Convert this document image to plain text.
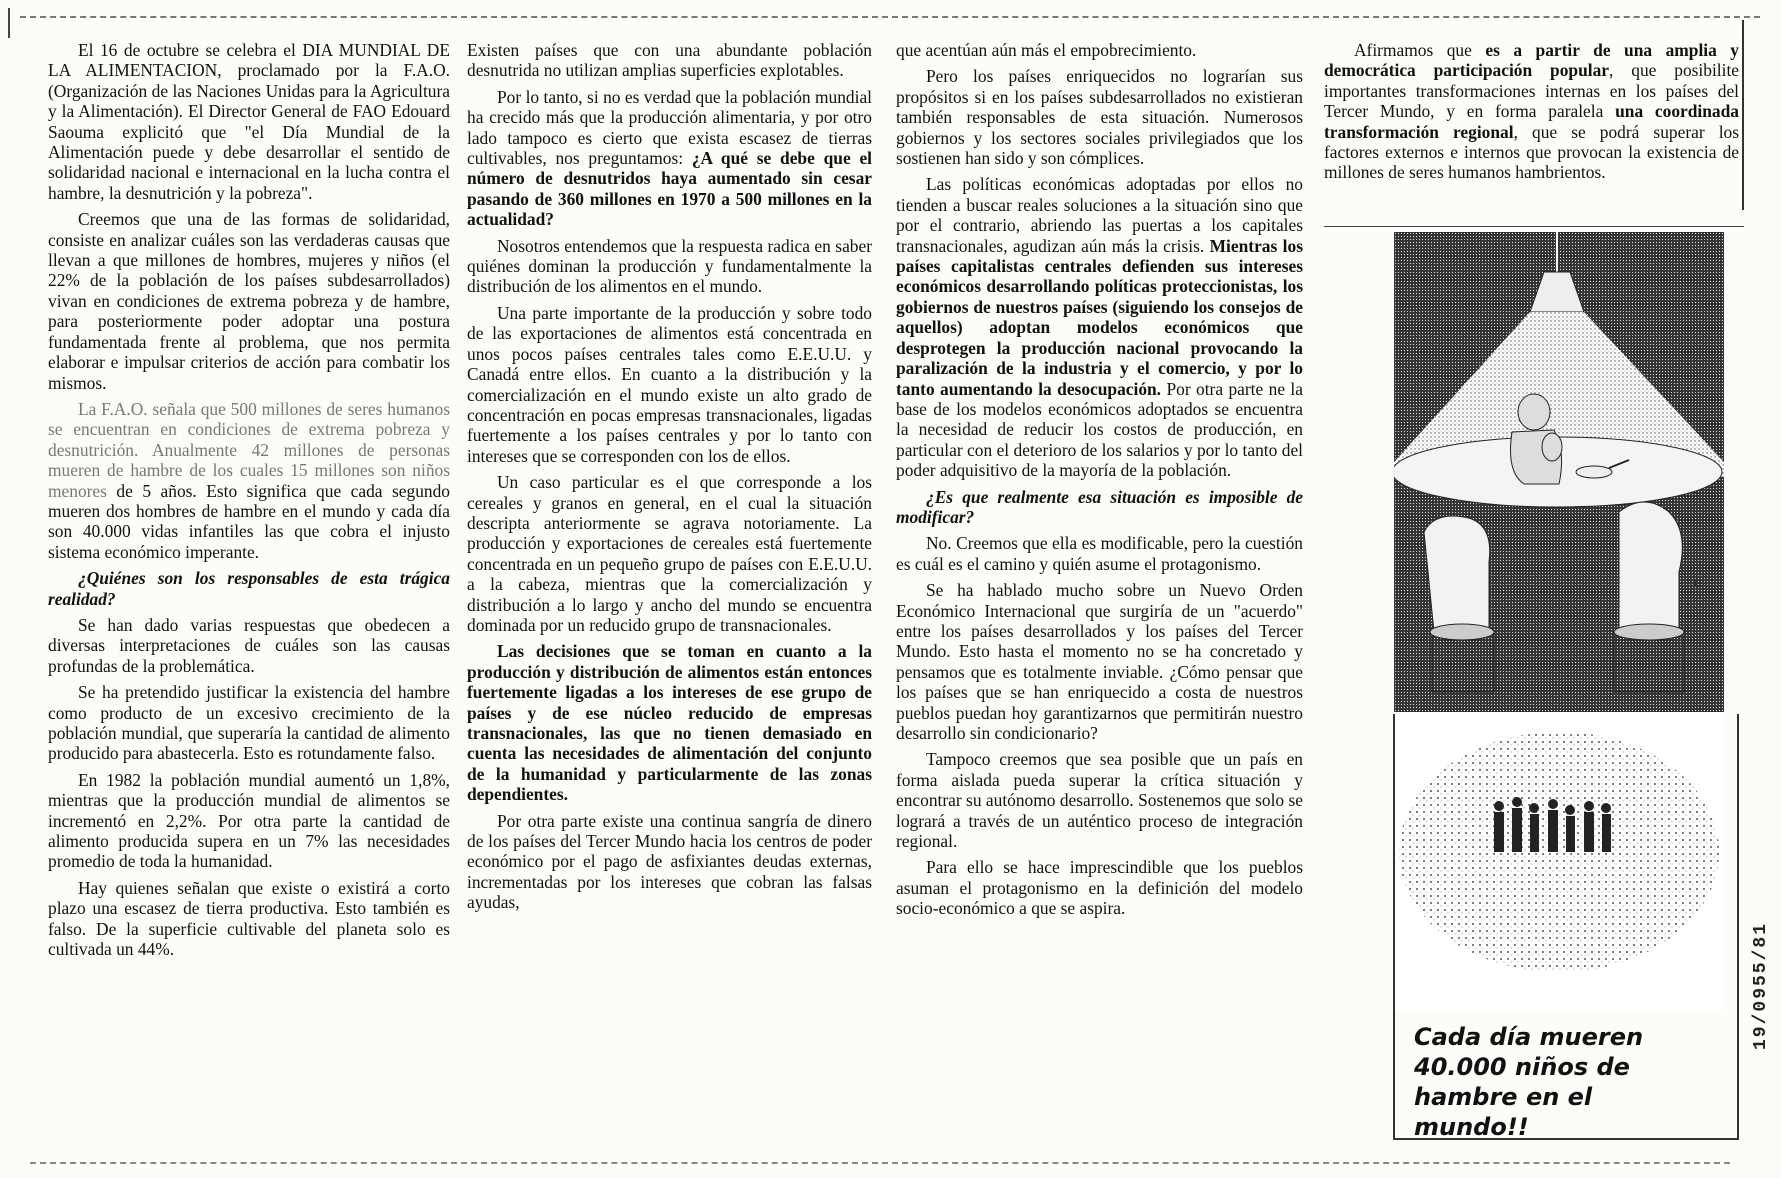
El 16 de octubre se celebra el DIA MUNDIAL DE LA ALIMENTACION, proclamado por la F.A.O. (Organización de las Naciones Unidas para la Agricultura y la Alimentación). El Director General de FAO Edouard Saouma explicitó que "el Día Mundial de la Alimentación puede y debe desarrollar el sentido de solidaridad nacional e internacional en la lucha contra el hambre, la desnutrición y la pobreza".

Creemos que una de las formas de solidaridad, consiste en analizar cuáles son las verdaderas causas que llevan a que millones de hombres, mujeres y niños (el 22% de la población de los países subdesarrollados) vivan en condiciones de extrema pobreza y de hambre, para posteriormente poder adoptar una postura fundamentada frente al problema, que nos permita elaborar e impulsar criterios de acción para combatir los mismos.

La F.A.O. señala que 500 millones de seres humanos se encuentran en condiciones de extrema pobreza y desnutrición. Anualmente 42 millones de personas mueren de hambre de los cuales 15 millones son niños menores de 5 años. Esto significa que cada segundo mueren dos hombres de hambre en el mundo y cada día son 40.000 vidas infantiles las que cobra el injusto sistema económico imperante.

¿Quiénes son los responsables de esta trágica realidad?

Se han dado varias respuestas que obedecen a diversas interpretaciones de cuáles son las causas profundas de la problemática.

Se ha pretendido justificar la existencia del hambre como producto de un excesivo crecimiento de la población mundial, que superaría la cantidad de alimento producido para abastecerla. Esto es rotundamente falso.

En 1982 la población mundial aumentó un 1,8%, mientras que la producción mundial de alimentos se incrementó en 2,2%. Por otra parte la cantidad de alimento producida supera en un 7% las necesidades promedio de toda la humanidad.

Hay quienes señalan que existe o existirá a corto plazo una escasez de tierra productiva. Esto también es falso. De la superficie cultivable del planeta solo es cultivada un 44%.

Existen países que con una abundante población desnutrida no utilizan amplias superficies explotables.

Por lo tanto, si no es verdad que la población mundial ha crecido más que la producción alimentaria, y por otro lado tampoco es cierto que exista escasez de tierras cultivables, nos preguntamos: ¿A qué se debe que el número de desnutridos haya aumentado sin cesar pasando de 360 millones en 1970 a 500 millones en la actualidad?

Nosotros entendemos que la respuesta radica en saber quiénes dominan la producción y fundamentalmente la distribución de los alimentos en el mundo.

Una parte importante de la producción y sobre todo de las exportaciones de alimentos está concentrada en unos pocos países centrales tales como E.E.U.U. y Canadá entre ellos. En cuanto a la distribución y la comercialización en el mundo existe un alto grado de concentración en pocas empresas transnacionales, ligadas fuertemente a los países centrales y por lo tanto con intereses que se corresponden con los de ellos.

Un caso particular es el que corresponde a los cereales y granos en general, en el cual la situación descripta anteriormente se agrava notoriamente. La producción y exportaciones de cereales está fuertemente concentrada en un pequeño grupo de países con E.E.U.U. a la cabeza, mientras que la comercialización y distribución a lo largo y ancho del mundo se encuentra dominada por un reducido grupo de transnacionales.

Las decisiones que se toman en cuanto a la producción y distribución de alimentos están entonces fuertemente ligadas a los intereses de ese grupo de países y de ese núcleo reducido de empresas transnacionales, las que no tienen demasiado en cuenta las necesidades de alimentación del conjunto de la humanidad y particularmente de las zonas dependientes.

Por otra parte existe una continua sangría de dinero de los países del Tercer Mundo hacia los centros de poder económico por el pago de asfixiantes deudas externas, incrementadas por los intereses que cobran las falsas ayudas,

que acentúan aún más el empobrecimiento.

Pero los países enriquecidos no lograrían sus propósitos si en los países subdesarrollados no existieran también responsables de esta situación. Numerosos gobiernos y los sectores sociales privilegiados que los sostienen han sido y son cómplices.

Las políticas económicas adoptadas por ellos no tienden a buscar reales soluciones a la situación sino que por el contrario, abriendo las puertas a los capitales transnacionales, agudizan aún más la crisis. Mientras los países capitalistas centrales defienden sus intereses económicos desarrollando políticas proteccionistas, los gobiernos de nuestros países (siguiendo los consejos de aquellos) adoptan modelos económicos que desprotegen la producción nacional provocando la paralización de la industria y el comercio, y por lo tanto aumentando la desocupación. Por otra parte ne la base de los modelos económicos adoptados se encuentra la necesidad de reducir los costos de producción, en particular con el deterioro de los salarios y por lo tanto del poder adquisitivo de la mayoría de la población.

¿Es que realmente esa situación es imposible de modificar?

No. Creemos que ella es modificable, pero la cuestión es cuál es el camino y quién asume el protagonismo.

Se ha hablado mucho sobre un Nuevo Orden Económico Internacional que surgiría de un "acuerdo" entre los países desarrollados y los países del Tercer Mundo. Esto hasta el momento no se ha concretado y pensamos que es totalmente inviable. ¿Cómo pensar que los países que se han enriquecido a costa de nuestros pueblos puedan hoy garantizarnos que permitirán nuestro desarrollo sin condicionario?

Tampoco creemos que sea posible que un país en forma aislada pueda superar la crítica situación y encontrar su autónomo desarrollo. Sostenemos que solo se logrará a través de un auténtico proceso de integración regional.

Para ello se hace imprescindible que los pueblos asuman el protagonismo en la definición del modelo socio-económico a que se aspira.

Afirmamos que es a partir de una amplia y democrática participación popular, que posibilite importantes transformaciones internas en los países del Tercer Mundo, y en forma paralela una coordinada transformación regional, que se podrá superar los factores externos e internos que provocan la existencia de millones de seres humanos hambrientos.

G
Cada día mueren 40.000 niños de hambre en el mundo!!
19/0955/81
